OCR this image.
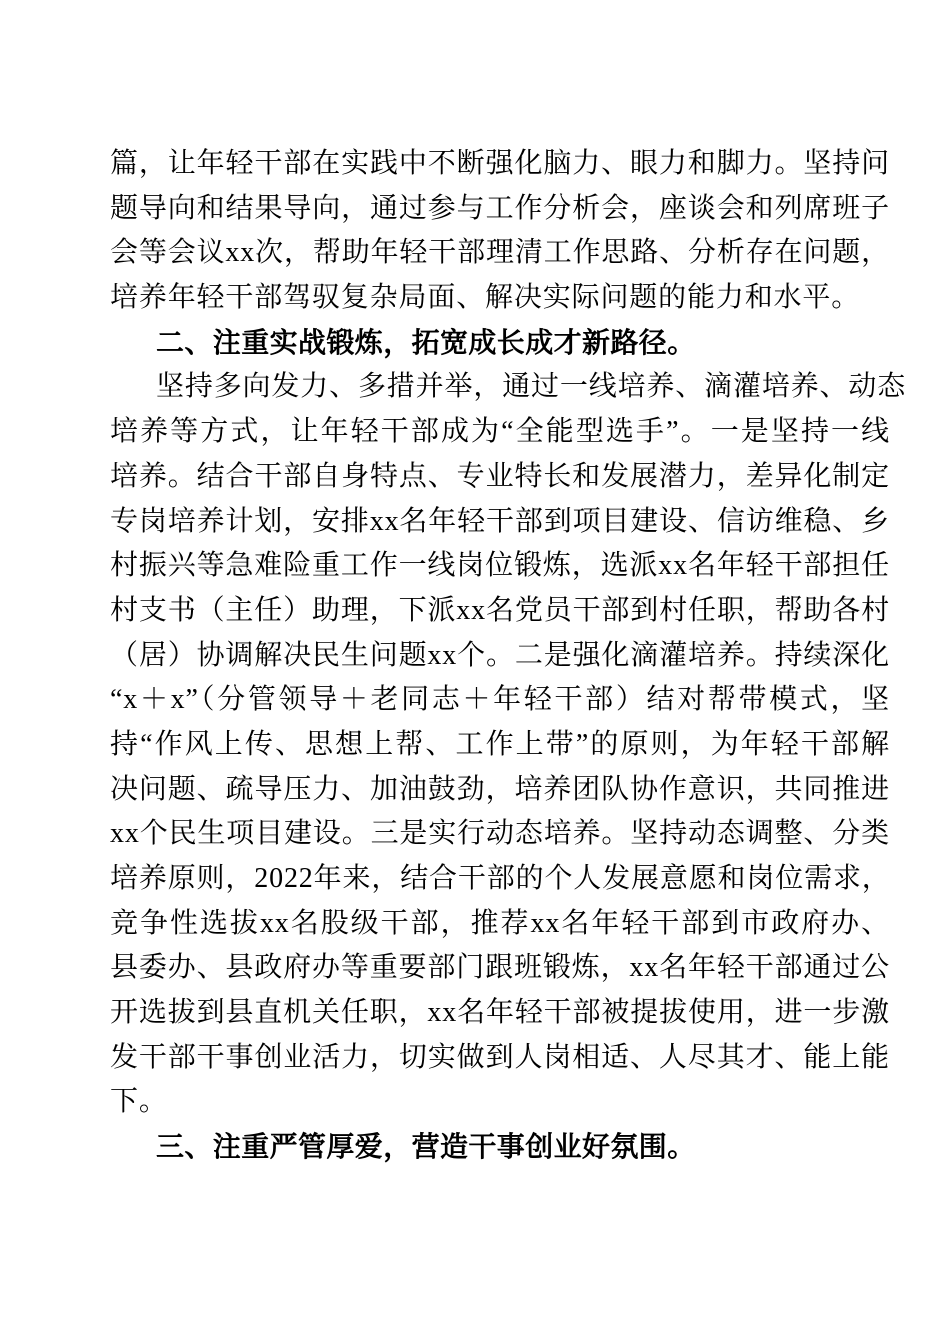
篇，让年轻干部在实践中不断强化脑力、眼力和脚力。坚持问
题导向和结果导向，通过参与工作分析会，座谈会和列席班子
会等会议xx次，帮助年轻干部理清工作思路、分析存在问题，
培养年轻干部驾驭复杂局面、解决实际问题的能力和水平。
二、注重实战锻炼，拓宽成长成才新路径。
坚持多向发力、多措并举，通过一线培养、滴灌培养、动态
培养等方式，让年轻干部成为“全能型选手”。一是坚持一线
培养。结合干部自身特点、专业特长和发展潜力，差异化制定
专岗培养计划，安排xx名年轻干部到项目建设、信访维稳、乡
村振兴等急难险重工作一线岗位锻炼，选派xx名年轻干部担任
村支书（主任）助理，下派xx名党员干部到村任职，帮助各村
（居）协调解决民生问题xx个。二是强化滴灌培养。持续深化
“x＋x”（分管领导＋老同志＋年轻干部）结对帮带模式，坚
持“作风上传、思想上帮、工作上带”的原则，为年轻干部解
决问题、疏导压力、加油鼓劲，培养团队协作意识，共同推进
xx个民生项目建设。三是实行动态培养。坚持动态调整、分类
培养原则，2022年来，结合干部的个人发展意愿和岗位需求，
竞争性选拔xx名股级干部，推荐xx名年轻干部到市政府办、
县委办、县政府办等重要部门跟班锻炼，xx名年轻干部通过公
开选拔到县直机关任职，xx名年轻干部被提拔使用，进一步激
发干部干事创业活力，切实做到人岗相适、人尽其才、能上能
下。
三、注重严管厚爱，营造干事创业好氛围。
